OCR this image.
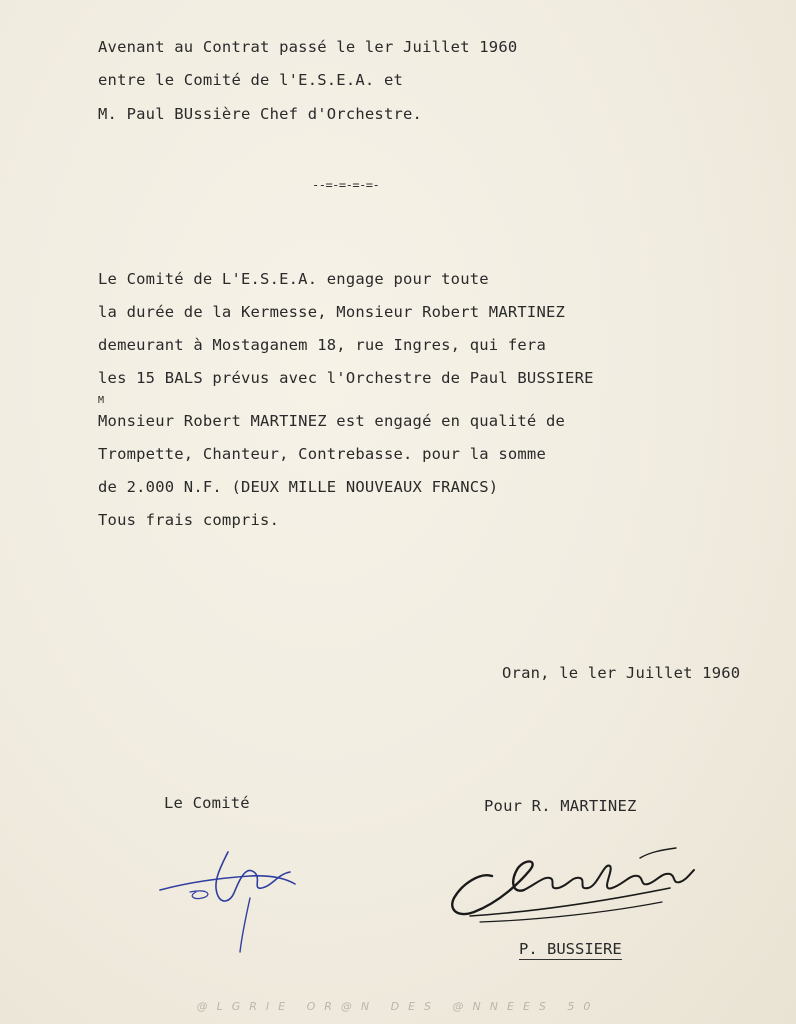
Avenant au Contrat passé le ler Juillet 1960
entre le Comité de l'E.S.E.A. et
M. Paul BUssière Chef d'Orchestre.
--=-=-=-=-
Le Comité de L'E.S.E.A. engage pour toute
la durée de la Kermesse, Monsieur Robert MARTINEZ
demeurant à Mostaganem 18, rue Ingres, qui fera
les 15 BALS prévus avec l'Orchestre de Paul BUSSIERE
M
Monsieur Robert MARTINEZ est engagé en qualité de
Trompette, Chanteur, Contrebasse. pour la somme
de 2.000 N.F. (DEUX MILLE NOUVEAUX FRANCS)
Tous frais compris.
Oran, le ler Juillet 1960
Le Comité	Pour R. MARTINEZ
P. BUSSIERE
@LGRIE OR@N DES @NNEES 50
